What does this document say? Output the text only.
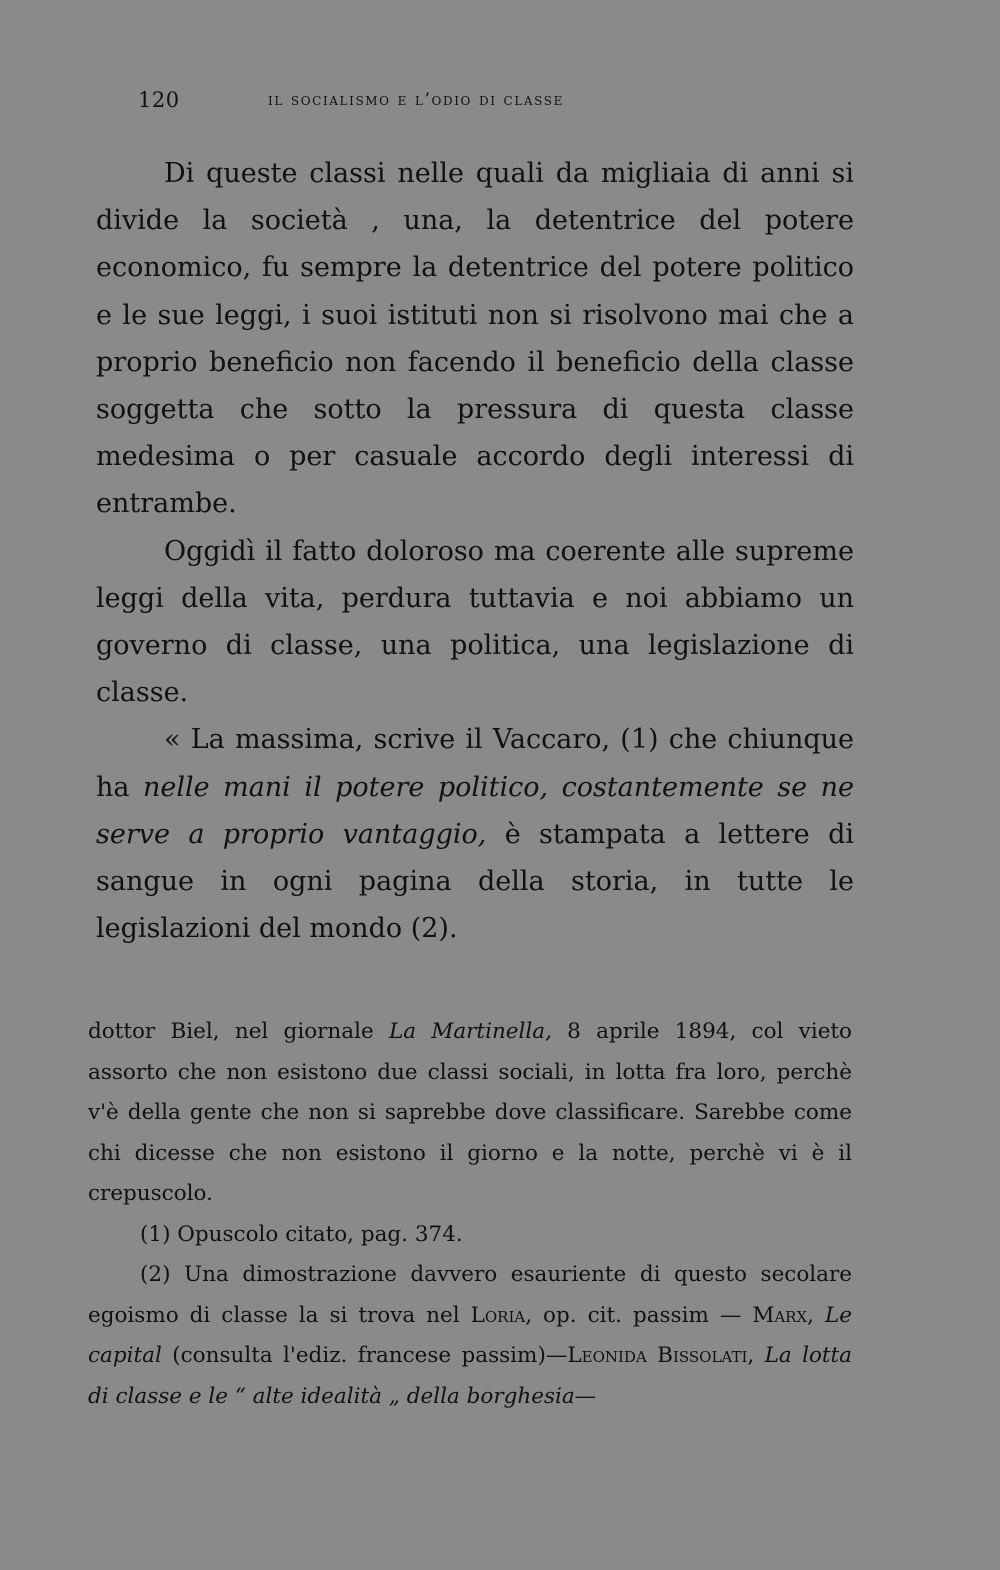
120	il socialismo e l’odio di classe

Di queste classi nelle quali da migliaia di anni si divide la società , una, la detentrice del potere economico, fu sempre la detentrice del potere politico e le sue leggi, i suoi istituti non si risolvono mai che a proprio beneficio non facendo il beneficio della classe soggetta che sotto la pressura di questa classe medesima o per casuale accordo degli interessi di entrambe.

Oggidì il fatto doloroso ma coerente alle supreme leggi della vita, perdura tuttavia e noi abbiamo un governo di classe, una politica, una legislazione di classe.

« La massima, scrive il Vaccaro, (1) che chiunque ha nelle mani il potere politico, costantemente se ne serve a proprio vantaggio, è stampata a lettere di sangue in ogni pagina della storia, in tutte le legislazioni del mondo (2).

dottor Biel, nel giornale La Martinella, 8 aprile 1894, col vieto assorto che non esistono due classi sociali, in lotta fra loro, perchè v'è della gente che non si saprebbe dove classificare. Sarebbe come chi dicesse che non esistono il giorno e la notte, perchè vi è il crepuscolo.

(1) Opuscolo citato, pag. 374.

(2) Una dimostrazione davvero esauriente di questo secolare egoismo di classe la si trova nel Loria, op. cit. passim — Marx, Le capital (consulta l'ediz. francese passim)—Leonida Bissolati, La lotta di classe e le “ alte idealità „ della borghesia—
